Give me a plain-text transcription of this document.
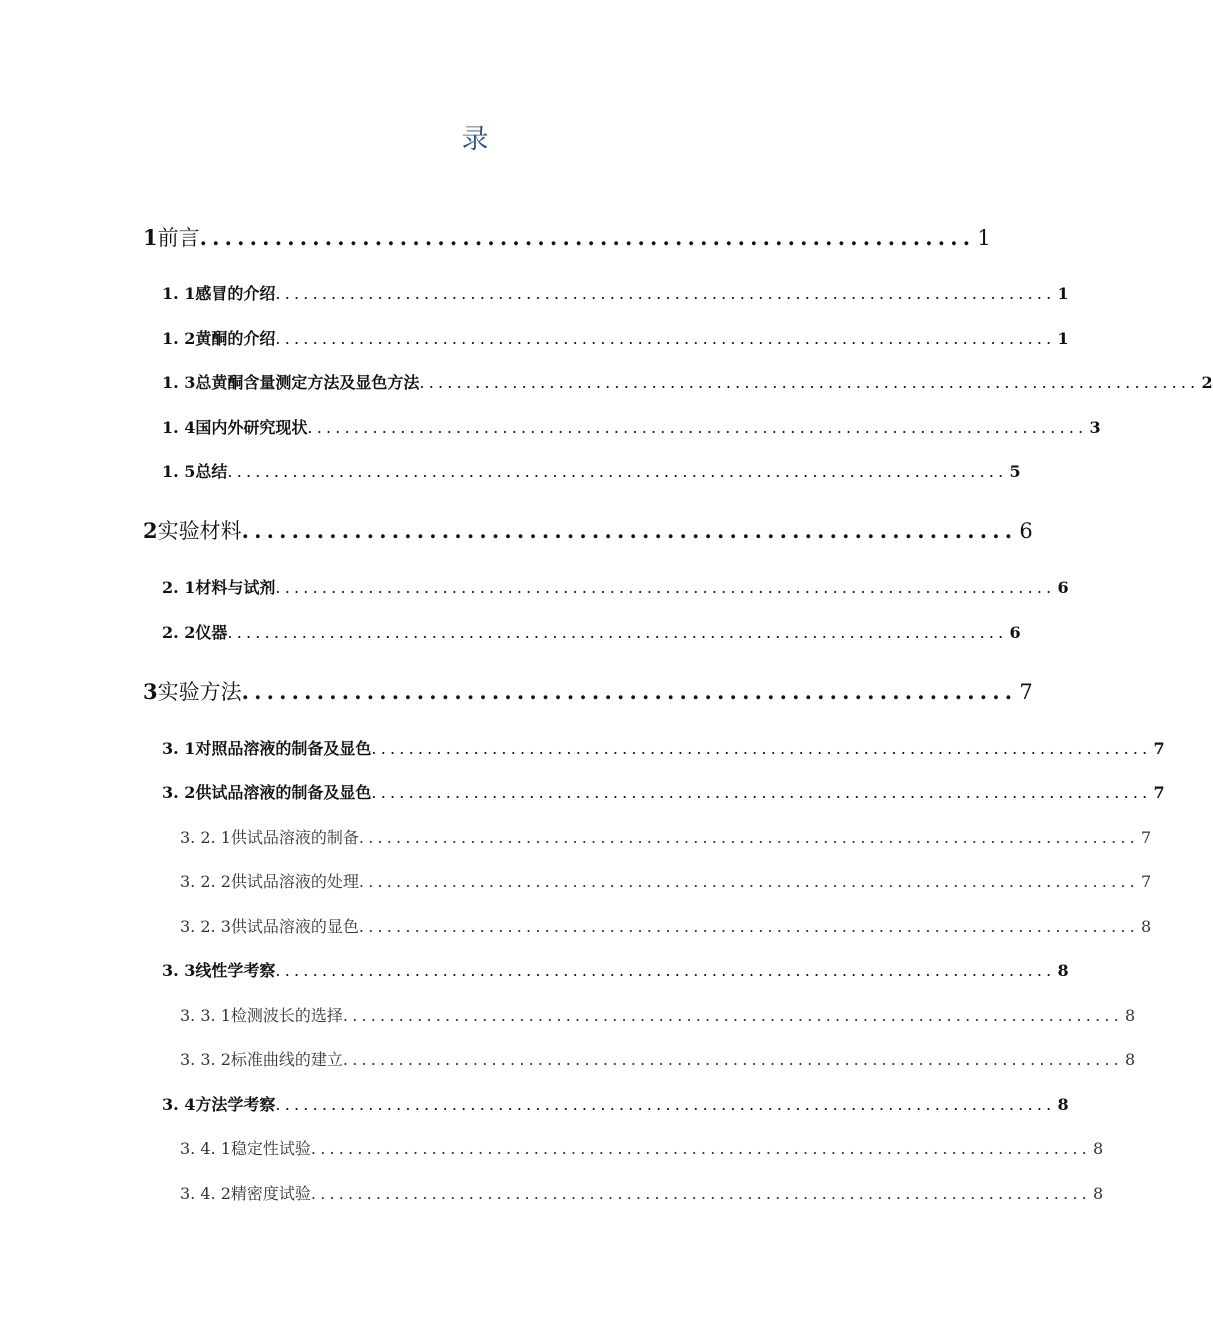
录
1 前言 .............................................................. 1
1. 1 感冒的介绍 .................................................................................... 1
1. 2 黄酮的介绍 .................................................................................... 1
1. 3 总黄酮含量测定方法及显色方法 .................................................................................... 2
1. 4 国内外研究现状 .................................................................................... 3
1. 5 总结 .................................................................................... 5
2 实验材料 .............................................................. 6
2. 1 材料与试剂 .................................................................................... 6
2. 2 仪器 .................................................................................... 6
3 实验方法 .............................................................. 7
3. 1 对照品溶液的制备及显色 .................................................................................... 7
3. 2 供试品溶液的制备及显色 .................................................................................... 7
3. 2. 1 供试品溶液的制备 .................................................................................... 7
3. 2. 2 供试品溶液的处理 .................................................................................... 7
3. 2. 3 供试品溶液的显色 .................................................................................... 8
3. 3 线性学考察 .................................................................................... 8
3. 3. 1 检测波长的选择 .................................................................................... 8
3. 3. 2 标准曲线的建立 .................................................................................... 8
3. 4 方法学考察 .................................................................................... 8
3. 4. 1 稳定性试验 .................................................................................... 8
3. 4. 2 精密度试验 .................................................................................... 8
